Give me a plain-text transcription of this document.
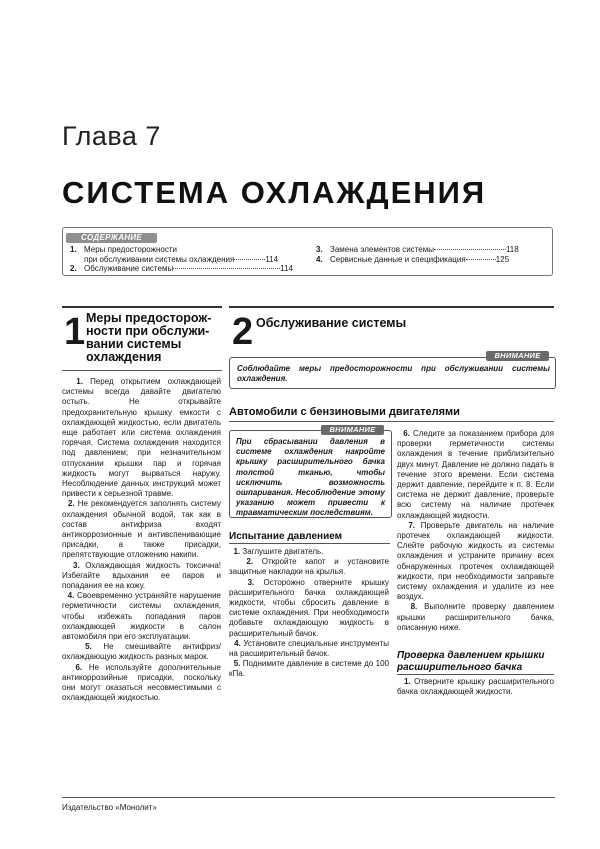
Глава 7
СИСТЕМА ОХЛАЖДЕНИЯ
СОДЕРЖАНИЕ
1. Меры предосторожности
при обслуживании системы охлаждения	114
2. Обслуживание системы	114
3. Замена элементов системы	118
4. Сервисные данные и спецификация	125
1 Меры предосторож-
ности при обслужи-
вании системы
охлаждения

1. Перед открытием охлаждающей системы всегда давайте двигателю остыть. Не открывайте предохранительную крышку емкости с охлаждающей жидкостью, если двигатель еще работает или система охлаждения горячая. Система охлаждения находится под давлением; при незначительном отпускании крышки пар и горячая жидкость могут вырваться наружу. Несоблюдение данных инструкций может привести к серьезной травме.

2. Не рекомендуется заполнять систему охлаждения обычной водой, так как в состав антифриза входят антикоррозионные и антивспенивающие присадки, а также присадки, препятствующие отложению накипи.

3. Охлаждающая жидкость токсична! Избегайте вдыхания ее паров и попадания ее на кожу.

4. Своевременно устраняйте нарушение герметичности системы охлаждения, чтобы избежать попадания паров охлаждающей жидкости в салон автомобиля при его эксплуатации.

5. Не смешивайте антифриз/охлаждающую жидкость разных марок.

6. Не используйте дополнительные антикоррозийные присадки, поскольку они могут оказаться несовместимыми с охлаждающей жидкостью.

2 Обслуживание системы
ВНИМАНИЕ
Соблюдайте меры предосторожности при обслуживании системы охлаждения.
Автомобили с бензиновыми двигателями
ВНИМАНИЕ
При сбрасывании давления в системе охлаждения накройте крышку расширительного бачка толстой тканью, чтобы исключить возможность ошпаривания. Несоблюдение этому указанию может привести к травматическим последствиям.
Испытание давлением

1. Заглушите двигатель.

2. Откройте капот и установите защитные накладки на крылья.

3. Осторожно отверните крышку расширительного бачка охлаждающей жидкости, чтобы сбросить давление в системе охлаждения. При необходимости добавьте охлаждающую жидкость в расширительный бачок.

4. Установите специальные инструменты на расширительный бачок.

5. Поднимите давление в системе до 100 кПа.

6. Следите за показанием прибора для проверки герметичности системы охлаждения в течение приблизительно двух минут. Давление не должно падать в течение этого времени. Если система держит давление, перейдите к п. 8. Если система не держит давление, проверьте всю систему на наличие протечек охлаждающей жидкости.

7. Проверьте двигатель на наличие протечек охлаждающей жидкости. Слейте рабочую жидкость из системы охлаждения и устраните причину всех обнаруженных протечек охлаждающей жидкости, при необходимости заправьте систему охлаждения и удалите из нее воздух.

8. Выполните проверку давлением крышки расширительного бачка, описанную ниже.

Проверка давлением крышки расширительного бачка

1. Отверните крышку расширительного бачка охлаждающей жидкости.

Издательство «Монолит»
